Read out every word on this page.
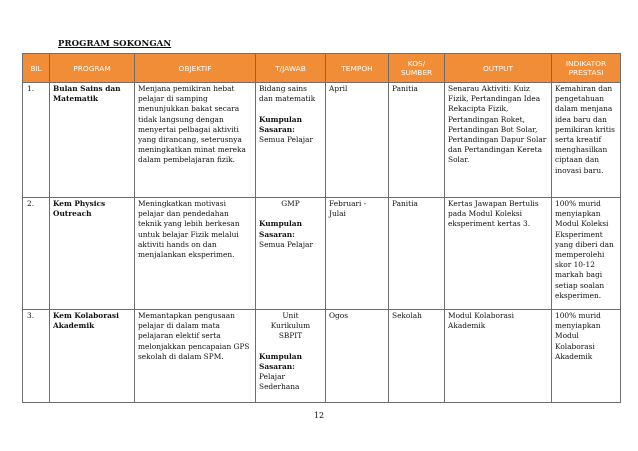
PROGRAM SOKONGAN
BIL	PROGRAM	OBJEKTIF	T/JAWAB	TEMPOH	KOS/ SUMBER	OUTPUT	INDIKATOR PRESTASI
1.	Bulan Sains dan Matematik	Menjana pemikiran hebat pelajar di samping menunjukkan bakat secara tidak langsung dengan menyertai pelbagai aktiviti yang dirancang, seterusnya meningkatkan minat mereka dalam pembelajaran fizik.	Bidang sains dan matematik

Kumpulan Sasaran:
Semua Pelajar	April	Panitia	Senarau Aktiviti: Kuiz Fizik, Pertandingan Idea Rekacipta Fizik, Pertandingan Roket, Pertandingan Bot Solar, Pertandingan Dapur Solar dan Pertandingan Kereta Solar.	Kemahiran dan pengetahuan dalam menjana idea baru dan pemikiran kritis serta kreatif menghasilkan ciptaan dan inovasi baru.
2.	Kem Physics Outreach	Meningkatkan motivasi pelajar dan pendedahan teknik yang lebih berkesan untuk belajar Fizik melalui aktiviti hands on dan menjalankan eksperimen.	GMP

Kumpulan Sasaran:
Semua Pelajar	Februari - Julai	Panitia	Kertas Jawapan Bertulis pada Modul Koleksi eksperiment kertas 3.	100% murid menyiapkan Modul Koleksi Eksperiment yang diberi dan memperolehi skor 10-12 markah bagi setiap soalan eksperimen.
3.	Kem Kolaborasi Akademik	Memantapkan pengusaan pelajar di dalam mata pelajaran elektif serta melonjakkan pencapaian GPS sekolah di dalam SPM.	Unit Kurikulum SBPIT

Kumpulan Sasaran:
Pelajar Sederhana	Ogos	Sekolah	Modul Kolaborasi Akademik	100% murid menyiapkan Modul Kolaborasi Akademik
12
